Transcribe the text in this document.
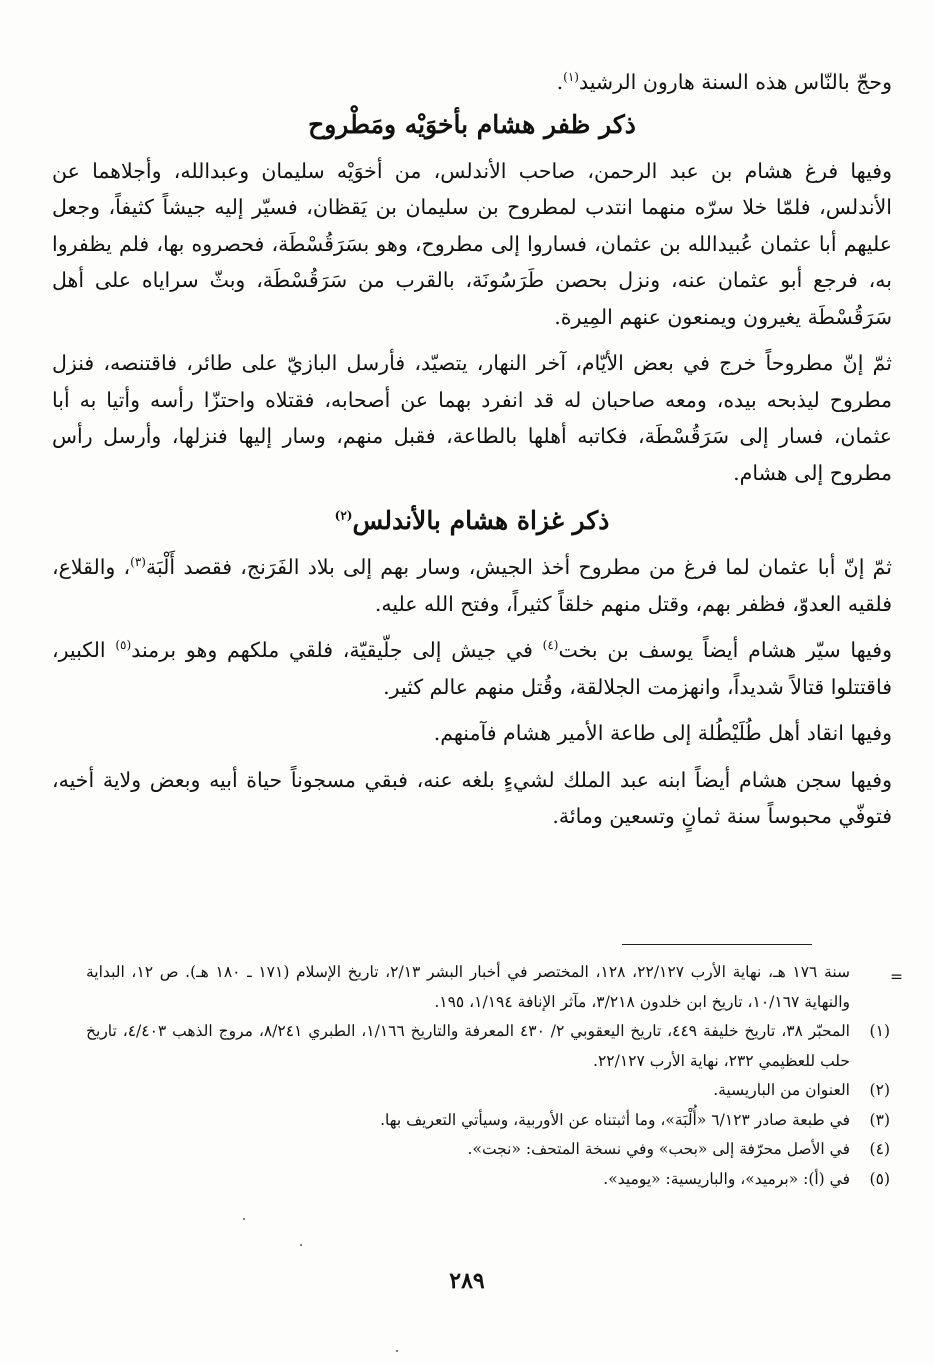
وحجّ بالنّاس هذه السنة هارون الرشيد$^{(١)}$.

ذكر ظفر هشام بأخوَيْه ومَطْروح

وفيها فرغ هشام بن عبد الرحمن، صاحب الأندلس، من أخوَيْه سليمان وعبدالله، وأجلاهما عن الأندلس، فلمّا خلا سرّه منهما انتدب لمطروح بن سليمان بن يَقظان، فسيّر إليه جيشاً كثيفاً، وجعل عليهم أبا عثمان عُبيدالله بن عثمان، فساروا إلى مطروح، وهو بسَرَقُسْطَة، فحصروه بها، فلم يظفروا به، فرجع أبو عثمان عنه، ونزل بحصن طَرَسُونَة، بالقرب من سَرَقُسْطَة، وبثّ سراياه على أهل سَرَقُسْطَة يغيرون ويمنعون عنهم المِيرة.

ثمّ إنّ مطروحاً خرج في بعض الأيّام، آخر النهار، يتصيّد، فأرسل البازيّ على طائر، فاقتنصه، فنزل مطروح ليذبحه بيده، ومعه صاحبان له قد انفرد بهما عن أصحابه، فقتلاه واحتزّا رأسه وأتيا به أبا عثمان، فسار إلى سَرَقُسْطَة، فكاتبه أهلها بالطاعة، فقبل منهم، وسار إليها فنزلها، وأرسل رأس مطروح إلى هشام.

ذكر غزاة هشام بالأندلس$^{(٢)}$

ثمّ إنّ أبا عثمان لما فرغ من مطروح أخذ الجيش، وسار بهم إلى بلاد الفَرَنج، فقصد أَلْبَة$^{(٣)}$، والقلاع، فلقيه العدوّ، فظفر بهم، وقتل منهم خلقاً كثيراً، وفتح الله عليه.

وفيها سيّر هشام أيضاً يوسف بن بخت$^{(٤)}$ في جيش إلى جلّيقيّة، فلقي ملكهم وهو برمند$^{(٥)}$ الكبير، فاقتتلوا قتالاً شديداً، وانهزمت الجلالقة، وقُتل منهم عالم كثير.

وفيها انقاد أهل طُلَيْطُلة إلى طاعة الأمير هشام فآمنهم.

وفيها سجن هشام أيضاً ابنه عبد الملك لشيءٍ بلغه عنه، فبقي مسجوناً حياة أبيه وبعض ولاية أخيه، فتوفّي محبوساً سنة ثمانٍ وتسعين ومائة.

=
سنة ١٧٦ هـ، نهاية الأرب ٢٢/١٢٧، ١٢٨، المختصر في أخبار البشر ٢/١٣، تاريخ الإسلام (١٧١ ـ ١٨٠ هـ). ص ١٢، البداية والنهاية ١٠/١٦٧، تاريخ ابن خلدون ٣/٢١٨، مآثر الإنافة ١/١٩٤، ١٩٥.
(١)
المحبّر ٣٨، تاريخ خليفة ٤٤٩، تاريخ اليعقوبي ٢/ ٤٣٠ المعرفة والتاريخ ١/١٦٦، الطبري ٨/٢٤١، مروج الذهب ٤/٤٠٣، تاريخ حلب للعظيمي ٢٣٢، نهاية الأرب ٢٢/١٢٧.
(٢)
العنوان من الباريسية.
(٣)
في طبعة صادر ٦/١٢٣ «أُلْبَة»، وما أثبتناه عن الأوربية، وسيأتي التعريف بها.
(٤)
في الأصل محرّفة إلى «بحب» وفي نسخة المتحف: «نجت».
(٥)
في (أ): «برميد»، والباريسية: «يوميد».
٢٨٩
